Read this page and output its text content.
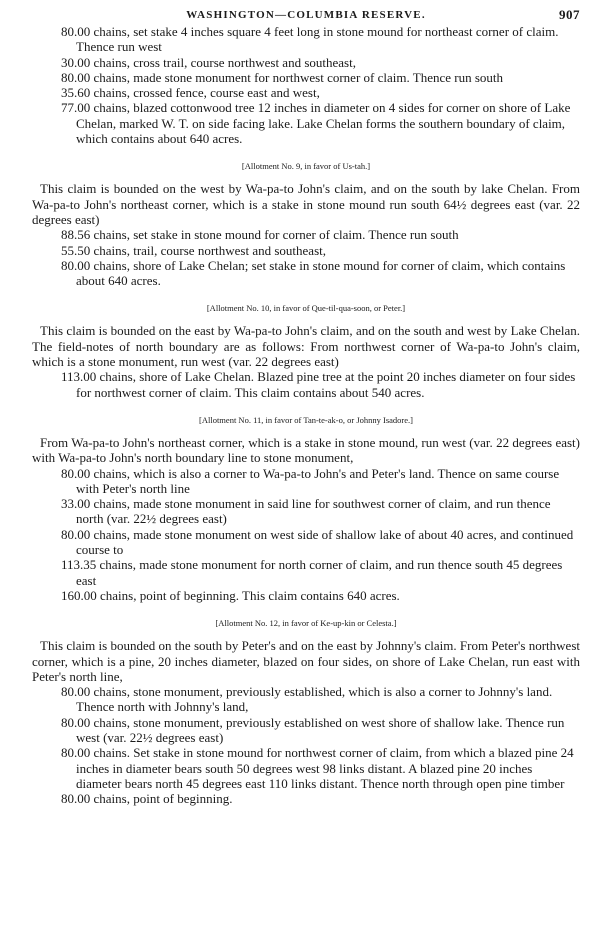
WASHINGTON—COLUMBIA RESERVE.	907

80.00 chains, set stake 4 inches square 4 feet long in stone mound for northeast corner of claim. Thence run west

30.00 chains, cross trail, course northwest and southeast,

80.00 chains, made stone monument for northwest corner of claim. Thence run south

35.60 chains, crossed fence, course east and west,

77.00 chains, blazed cottonwood tree 12 inches in diameter on 4 sides for corner on shore of Lake Chelan, marked W. T. on side facing lake. Lake Chelan forms the southern boundary of claim, which contains about 640 acres.

[Allotment No. 9, in favor of Us-tah.]

This claim is bounded on the west by Wa-pa-to John's claim, and on the south by lake Chelan. From Wa-pa-to John's northeast corner, which is a stake in stone mound run south 64½ degrees east (var. 22 degrees east)

88.56 chains, set stake in stone mound for corner of claim. Thence run south

55.50 chains, trail, course northwest and southeast,

80.00 chains, shore of Lake Chelan; set stake in stone mound for corner of claim, which contains about 640 acres.

[Allotment No. 10, in favor of Que-til-qua-soon, or Peter.]

This claim is bounded on the east by Wa-pa-to John's claim, and on the south and west by Lake Chelan. The field-notes of north boundary are as follows: From northwest corner of Wa-pa-to John's claim, which is a stone monument, run west (var. 22 degrees east)

113.00 chains, shore of Lake Chelan. Blazed pine tree at the point 20 inches diameter on four sides for northwest corner of claim. This claim contains about 540 acres.

[Allotment No. 11, in favor of Tan-te-ak-o, or Johnny Isadore.]

From Wa-pa-to John's northeast corner, which is a stake in stone mound, run west (var. 22 degrees east) with Wa-pa-to John's north boundary line to stone monument,

80.00 chains, which is also a corner to Wa-pa-to John's and Peter's land. Thence on same course with Peter's north line

33.00 chains, made stone monument in said line for southwest corner of claim, and run thence north (var. 22½ degrees east)

80.00 chains, made stone monument on west side of shallow lake of about 40 acres, and continued course to

113.35 chains, made stone monument for north corner of claim, and run thence south 45 degrees east

160.00 chains, point of beginning. This claim contains 640 acres.

[Allotment No. 12, in favor of Ke-up-kin or Celesta.]

This claim is bounded on the south by Peter's and on the east by Johnny's claim. From Peter's northwest corner, which is a pine, 20 inches diameter, blazed on four sides, on shore of Lake Chelan, run east with Peter's north line,

80.00 chains, stone monument, previously established, which is also a corner to Johnny's land. Thence north with Johnny's land,

80.00 chains, stone monument, previously established on west shore of shallow lake. Thence run west (var. 22½ degrees east)

80.00 chains. Set stake in stone mound for northwest corner of claim, from which a blazed pine 24 inches in diameter bears south 50 degrees west 98 links distant. A blazed pine 20 inches diameter bears north 45 degrees east 110 links distant. Thence north through open pine timber

80.00 chains, point of beginning.
